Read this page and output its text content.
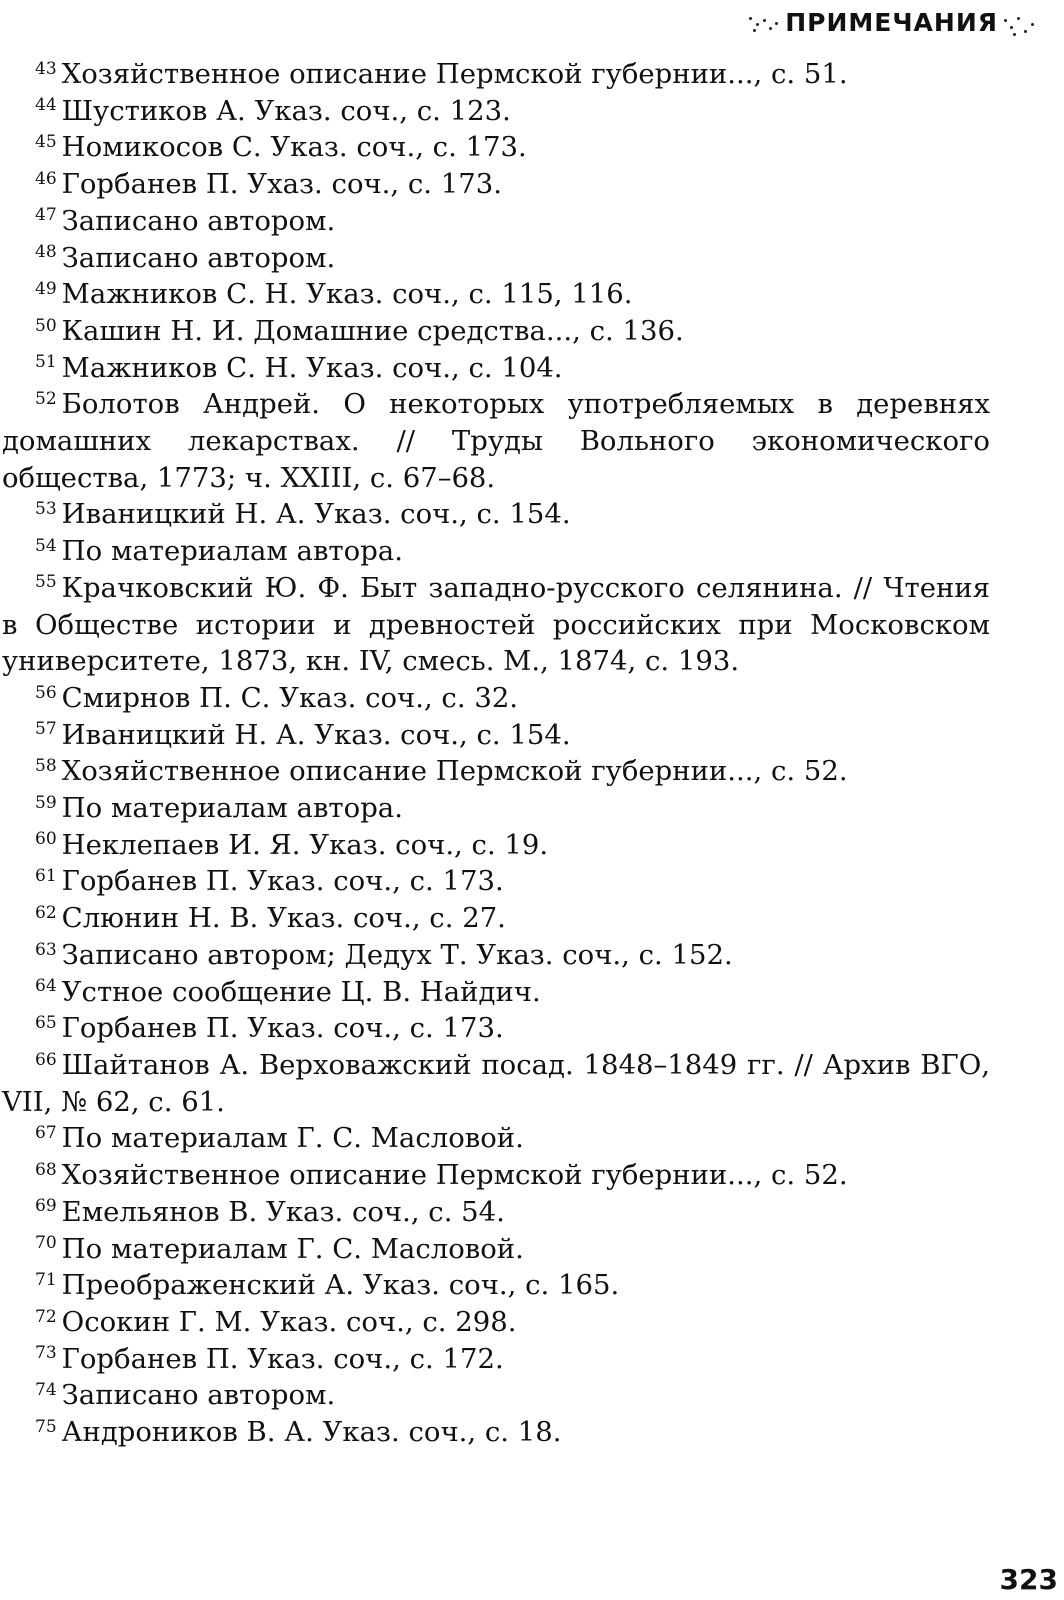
ПРИМЕЧАНИЯ
$^{43}$ Хозяйственное описание Пермской губернии..., с. 51.
$^{44}$ Шустиков А. Указ. соч., с. 123.
$^{45}$ Номикосов С. Указ. соч., с. 173.
$^{46}$ Горбанев П. Ухаз. соч., с. 173.
$^{47}$ Записано автором.
$^{48}$ Записано автором.
$^{49}$ Мажников С. Н. Указ. соч., с. 115, 116.
$^{50}$ Кашин Н. И. Домашние средства..., с. 136.
$^{51}$ Мажников С. Н. Указ. соч., с. 104.
$^{52}$ Болотов Андрей. О некоторых употребляемых в деревнях домашних лекарствах. // Труды Вольного экономического общества, 1773; ч. XXIII, с. 67–68.
$^{53}$ Иваницкий Н. А. Указ. соч., с. 154.
$^{54}$ По материалам автора.
$^{55}$ Крачковский Ю. Ф. Быт западно-русского селянина. // Чтения в Обществе истории и древностей российских при Московском университете, 1873, кн. IV, смесь. М., 1874, с. 193.
$^{56}$ Смирнов П. С. Указ. соч., с. 32.
$^{57}$ Иваницкий Н. А. Указ. соч., с. 154.
$^{58}$ Хозяйственное описание Пермской губернии..., с. 52.
$^{59}$ По материалам автора.
$^{60}$ Неклепаев И. Я. Указ. соч., с. 19.
$^{61}$ Горбанев П. Указ. соч., с. 173.
$^{62}$ Слюнин Н. В. Указ. соч., с. 27.
$^{63}$ Записано автором; Дедух Т. Указ. соч., с. 152.
$^{64}$ Устное сообщение Ц. В. Найдич.
$^{65}$ Горбанев П. Указ. соч., с. 173.
$^{66}$ Шайтанов А. Верховажский посад. 1848–1849 гг. // Архив ВГО, VII, № 62, с. 61.
$^{67}$ По материалам Г. С. Масловой.
$^{68}$ Хозяйственное описание Пермской губернии..., с. 52.
$^{69}$ Емельянов В. Указ. соч., с. 54.
$^{70}$ По материалам Г. С. Масловой.
$^{71}$ Преображенский А. Указ. соч., с. 165.
$^{72}$ Осокин Г. М. Указ. соч., с. 298.
$^{73}$ Горбанев П. Указ. соч., с. 172.
$^{74}$ Записано автором.
$^{75}$ Андроников В. А. Указ. соч., с. 18.
323
